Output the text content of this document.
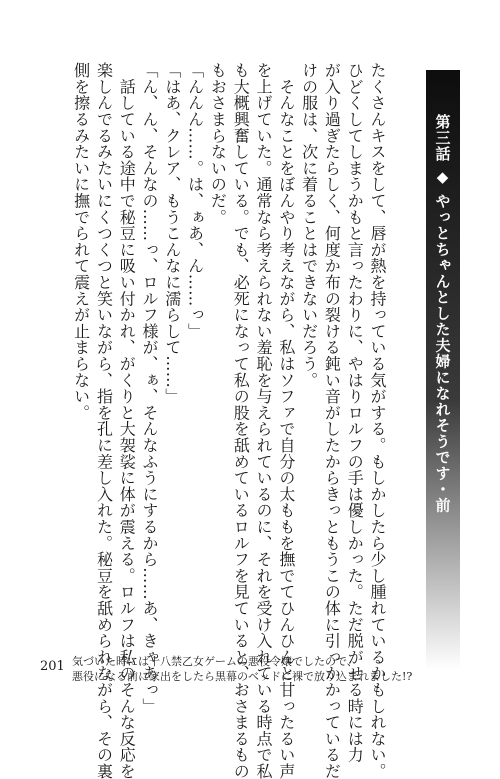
第三話 ◆ やっとちゃんとした夫婦になれそうです・前

たくさんキスをして、唇が熱を持っている気がする。もしかしたら少し腫れているかもしれない。

ひどくしてしまうかもと言ったわりに、やはりロルフの手は優しかった。ただ脱がせる時には力

が入り過ぎたらしく、何度か布の裂ける鈍い音がしたからきっともうこの体に引っかかっているだ

けの服は、次に着ることはできないだろう。

　そんなことをぼんやり考えながら、私はソファで自分の太ももを撫でてひんひんと甘ったるい声

を上げていた。通常なら考えられない羞恥を与えられているのに、それを受け入れている時点で私

も大概興奮している。でも、必死になって私の股を舐めているロルフを見ていると、おさまるもの

もおさまらないのだ。

「んんん……。は、ぁあ、ん……っ」

「はあ、クレア、もうこんなに濡らして……」

「ん、ん、そんなの……っ、ロルフ様が、ぁ、そんなふうにするから……あ、きゃあっ」

　話している途中で秘豆に吸い付かれ、がくりと大袈裟に体が震える。ロルフは私のそんな反応を

楽しんでるみたいにくつくつと笑いながら、指を孔に差し入れた。秘豆を舐められながら、その裏

側を擦るみたいに撫でられて震えが止まらない。

201 気づいた時には十八禁乙女ゲームの悪役令嬢でしたので、
悪役になる前に家出をしたら黒幕のベッドに裸で放り込まれました!?
